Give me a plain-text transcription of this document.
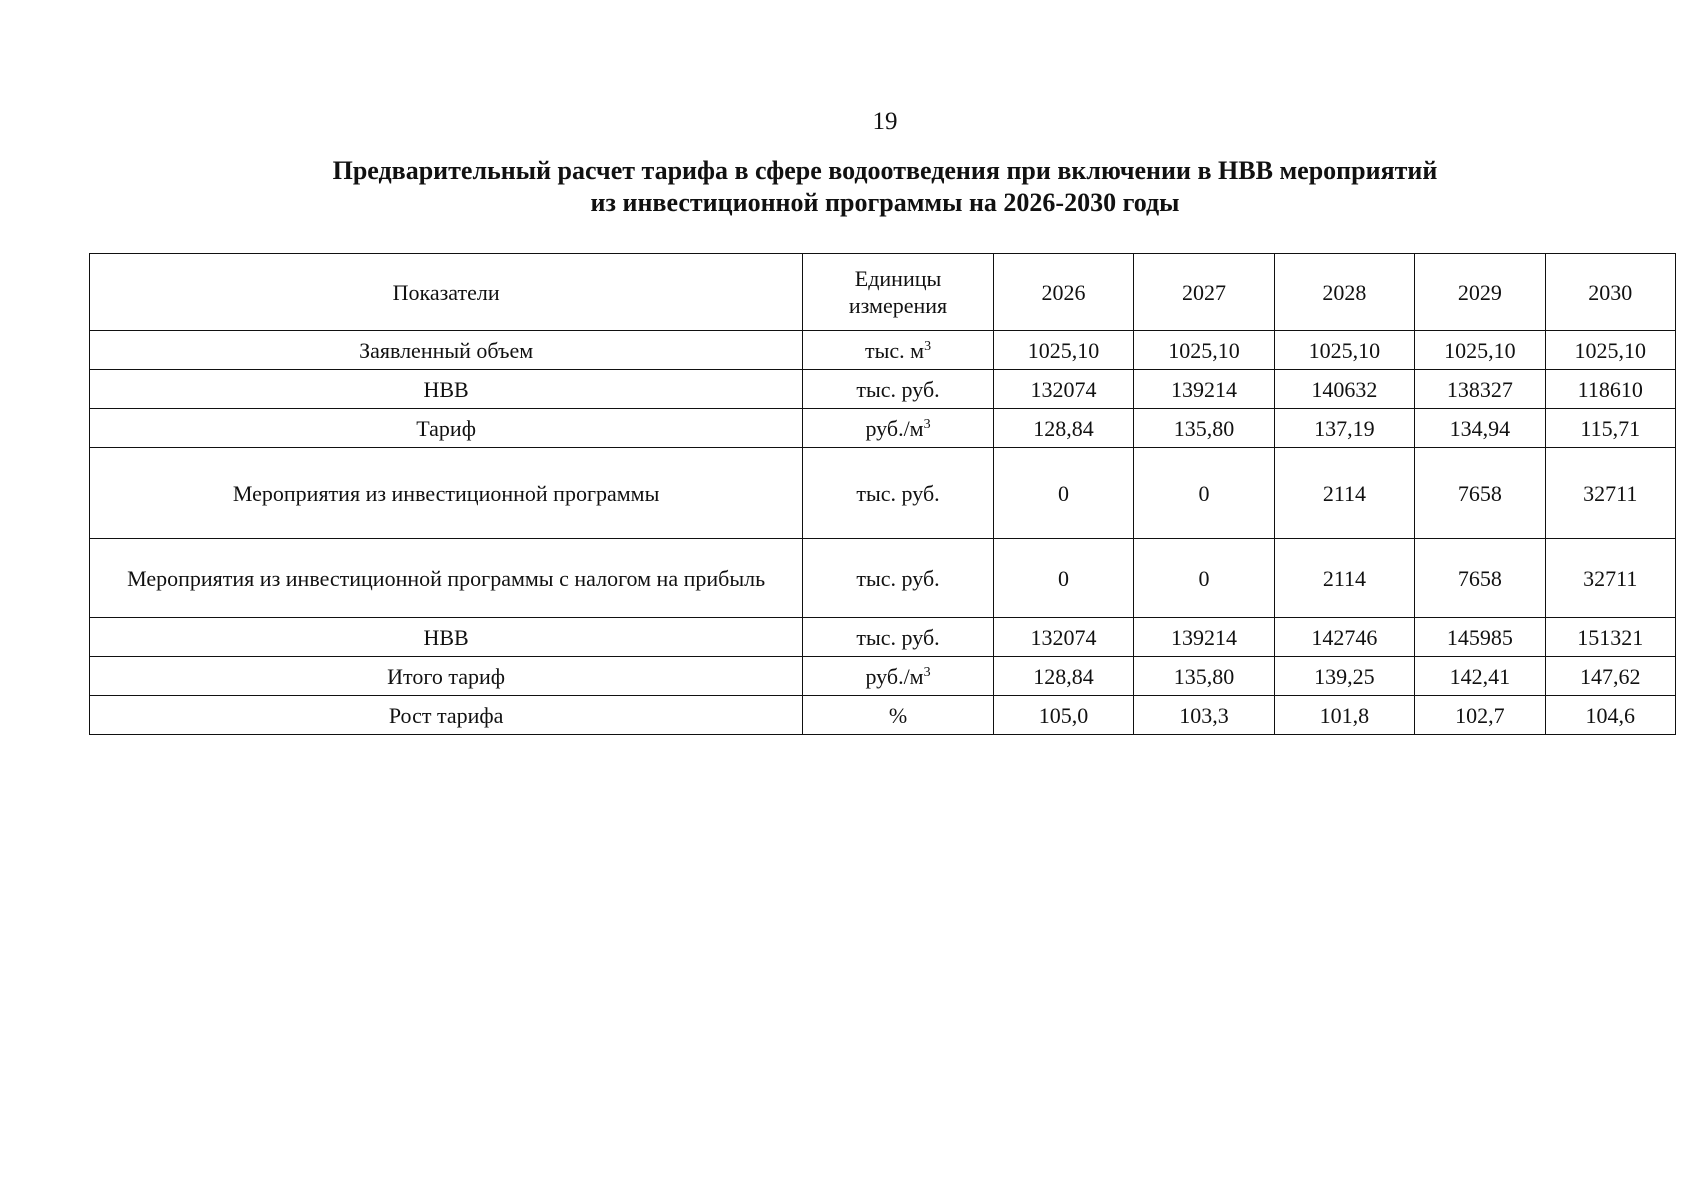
19
Предварительный расчет тарифа в сфере водоотведения при включении в НВВ мероприятий
из инвестиционной программы на 2026-2030 годы
Показатели	Единицы измерения	2026	2027	2028	2029	2030
Заявленный объем	тыс. $м^3$	1025,10	1025,10	1025,10	1025,10	1025,10
НВВ	тыс. руб.	132074	139214	140632	138327	118610
Тариф	$руб./м^3$	128,84	135,80	137,19	134,94	115,71
Мероприятия из инвестиционной программы	тыс. руб.	0	0	2114	7658	32711
Мероприятия из инвестиционной программы с налогом на прибыль	тыс. руб.	0	0	2114	7658	32711
НВВ	тыс. руб.	132074	139214	142746	145985	151321
Итого тариф	$руб./м^3$	128,84	135,80	139,25	142,41	147,62
Рост тарифа	%	105,0	103,3	101,8	102,7	104,6
